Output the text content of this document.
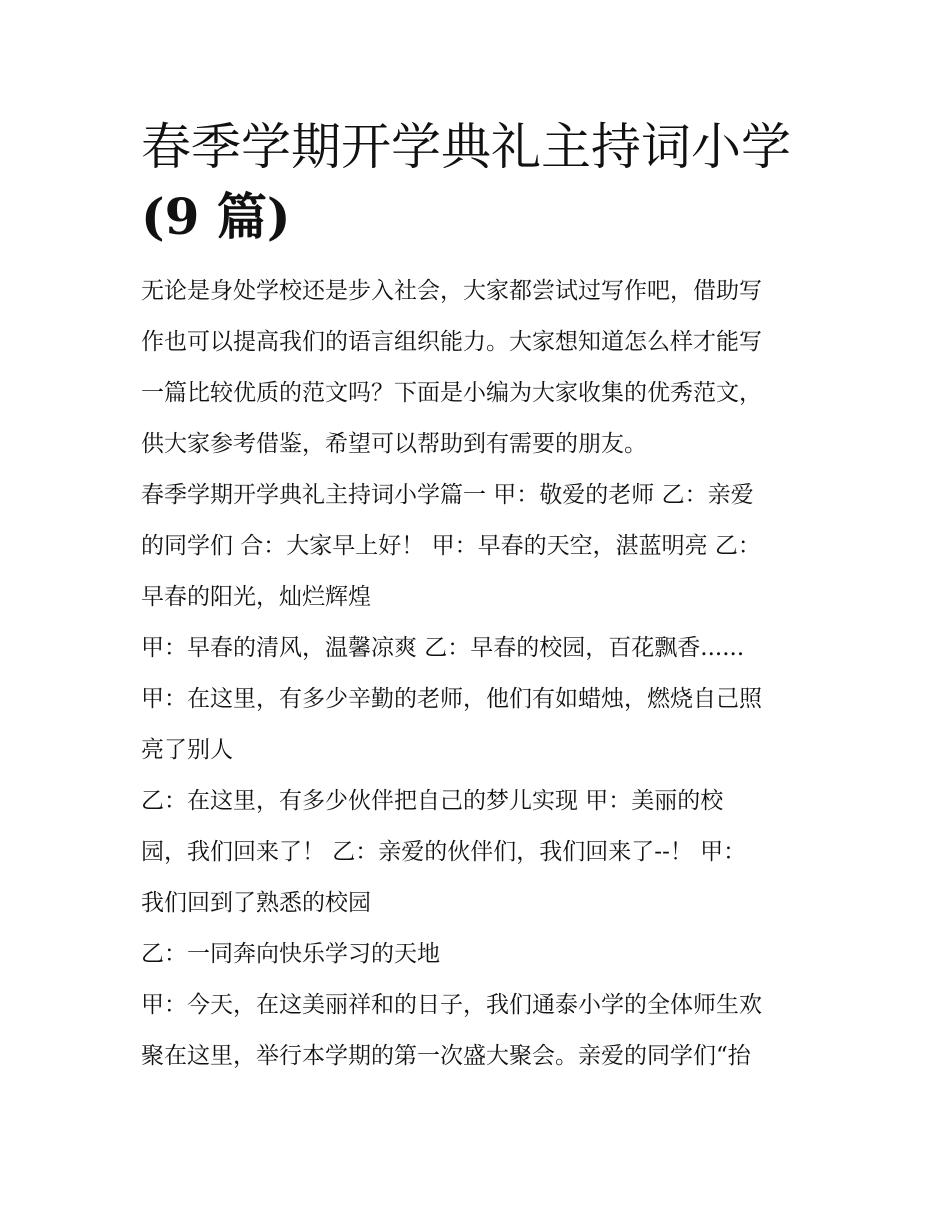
春季学期开学典礼主持词小学
(9 篇)

无论是身处学校还是步入社会，大家都尝试过写作吧，借助写
作也可以提高我们的语言组织能力。大家想知道怎么样才能写
一篇比较优质的范文吗？下面是小编为大家收集的优秀范文，
供大家参考借鉴，希望可以帮助到有需要的朋友。

春季学期开学典礼主持词小学篇一 甲：敬爱的老师 乙：亲爱
的同学们 合：大家早上好！ 甲：早春的天空，湛蓝明亮 乙：
早春的阳光，灿烂辉煌

甲：早春的清风，温馨凉爽 乙：早春的校园，百花飘香......

甲：在这里，有多少辛勤的老师，他们有如蜡烛，燃烧自己照
亮了别人

乙：在这里，有多少伙伴把自己的梦儿实现 甲：美丽的校
园，我们回来了！ 乙：亲爱的伙伴们，我们回来了--！ 甲：
我们回到了熟悉的校园

乙：一同奔向快乐学习的天地

甲：今天，在这美丽祥和的日子，我们通泰小学的全体师生欢
聚在这里，举行本学期的第一次盛大聚会。亲爱的同学们“抬
